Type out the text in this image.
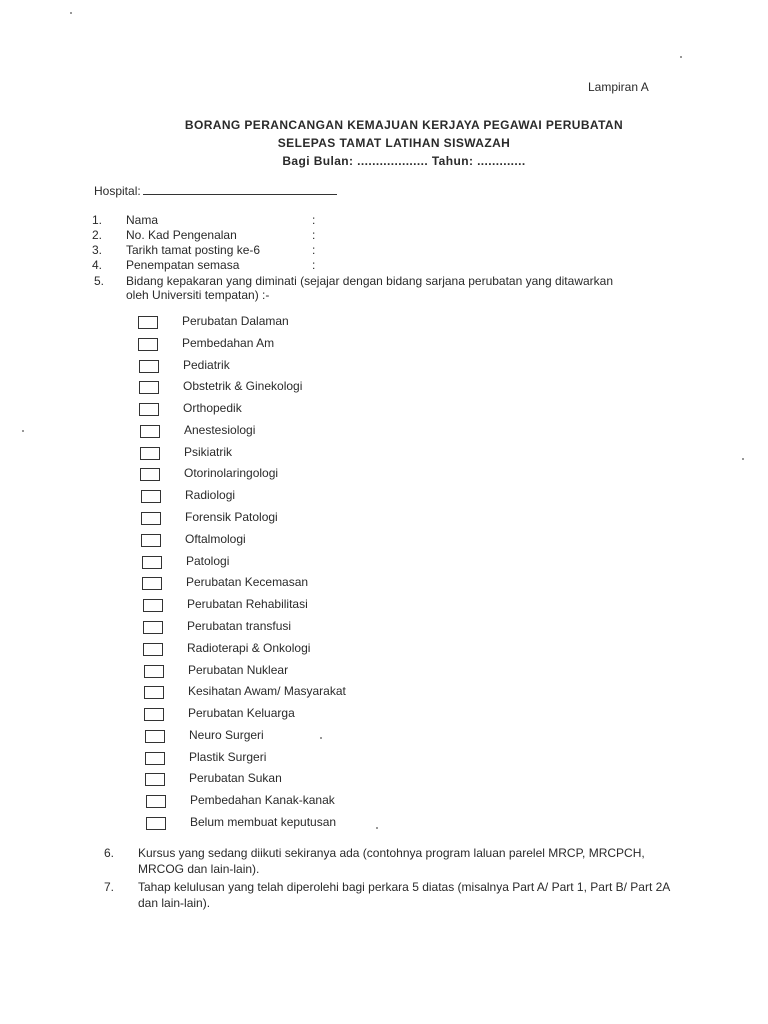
Lampiran A
BORANG PERANCANGAN KEMAJUAN KERJAYA PEGAWAI PERUBATAN
SELEPAS TAMAT LATIHAN SISWAZAH
Bagi Bulan: ................... Tahun: .............
Hospital:
1.	Nama	:
2.	No. Kad Pengenalan	:
3.	Tarikh tamat posting ke-6	:
4.	Penempatan semasa	:
5. Bidang kepakaran yang diminati (sejajar dengan bidang sarjana perubatan yang ditawarkan oleh Universiti tempatan) :-
Perubatan Dalaman
Pembedahan Am
Pediatrik
Obstetrik & Ginekologi
Orthopedik
Anestesiologi
Psikiatrik
Otorinolaringologi
Radiologi
Forensik Patologi
Oftalmologi
Patologi
Perubatan Kecemasan
Perubatan Rehabilitasi
Perubatan transfusi
Radioterapi & Onkologi
Perubatan Nuklear
Kesihatan Awam/ Masyarakat
Perubatan Keluarga
Neuro Surgeri
Plastik Surgeri
Perubatan Sukan
Pembedahan Kanak-kanak
Belum membuat keputusan
6. Kursus yang sedang diikuti sekiranya ada (contohnya program laluan parelel MRCP, MRCPCH, MRCOG dan lain-lain).
7. Tahap kelulusan yang telah diperolehi bagi perkara 5 diatas (misalnya Part A/ Part 1, Part B/ Part 2A dan lain-lain).
